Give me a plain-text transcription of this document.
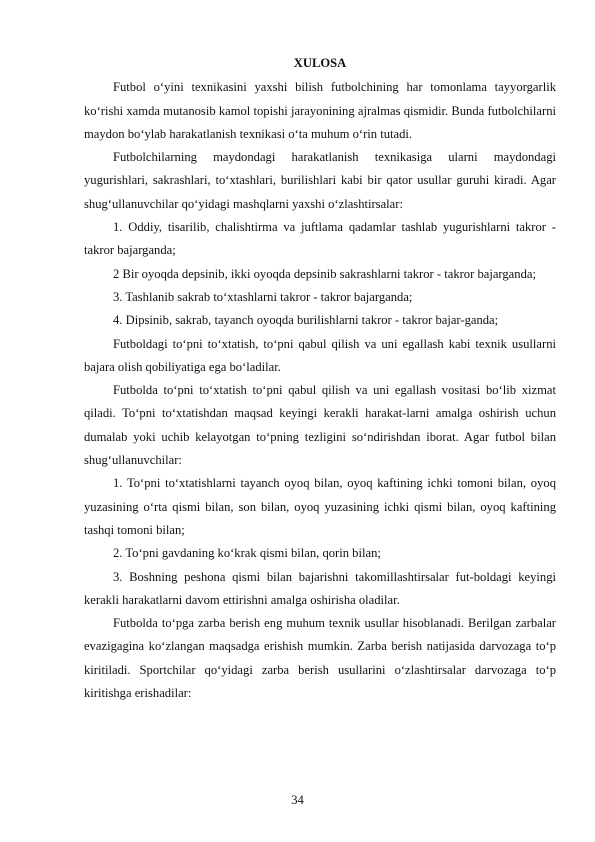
XULOSA

Futbol o‘yini texnikasini yaxshi bilish futbolchining har tomonlama tayyorgarlik ko‘rishi xamda mutanosib kamol topishi jarayonining ajralmas qismidir. Bunda futbolchilarni maydon bo‘ylab harakatlanish texnikasi o‘ta muhum o‘rin tutadi.

Futbolchilarning maydondagi harakatlanish texnikasiga ularni maydondagi yugurishlari, sakrashlari, to‘xtashlari, burilishlari kabi bir qator usullar guruhi kiradi. Agar shug‘ullanuvchilar qo‘yidagi mashqlarni yaxshi o‘zlashtirsalar:

1. Oddiy, tisarilib, chalishtirma va juftlama qadamlar tashlab yugurishlarni takror - takror bajarganda;

2 Bir oyoqda depsinib, ikki oyoqda depsinib sakrashlarni takror - takror bajarganda;

3. Tashlanib sakrab to‘xtashlarni takror - takror bajarganda;

4. Dipsinib, sakrab, tayanch oyoqda burilishlarni takror - takror bajar-ganda;

Futboldagi to‘pni to‘xtatish, to‘pni qabul qilish va uni egallash kabi texnik usullarni bajara olish qobiliyatiga ega bo‘ladilar.

Futbolda to‘pni to‘xtatish to‘pni qabul qilish va uni egallash vositasi bo‘lib xizmat qiladi. To‘pni to‘xtatishdan maqsad keyingi kerakli harakat-larni amalga oshirish uchun dumalab yoki uchib kelayotgan to‘pning tezligini so‘ndirishdan iborat. Agar futbol bilan shug‘ullanuvchilar:

1. To‘pni to‘xtatishlarni tayanch oyoq bilan, oyoq kaftining ichki tomoni bilan, oyoq yuzasining o‘rta qismi bilan, son bilan, oyoq yuzasining ichki qismi bilan, oyoq kaftining tashqi tomoni bilan;

2. To‘pni gavdaning ko‘krak qismi bilan, qorin bilan;

3. Boshning peshona qismi bilan bajarishni takomillashtirsalar fut-boldagi keyingi kerakli harakatlarni davom ettirishni amalga oshirisha oladilar.

Futbolda to‘pga zarba berish eng muhum texnik usullar hisoblanadi. Berilgan zarbalar evazigagina ko‘zlangan maqsadga erishish mumkin. Zarba berish natijasida darvozaga to‘p kiritiladi. Sportchilar qo‘yidagi zarba berish usullarini o‘zlashtirsalar darvozaga to‘p kiritishga erishadilar:

34
